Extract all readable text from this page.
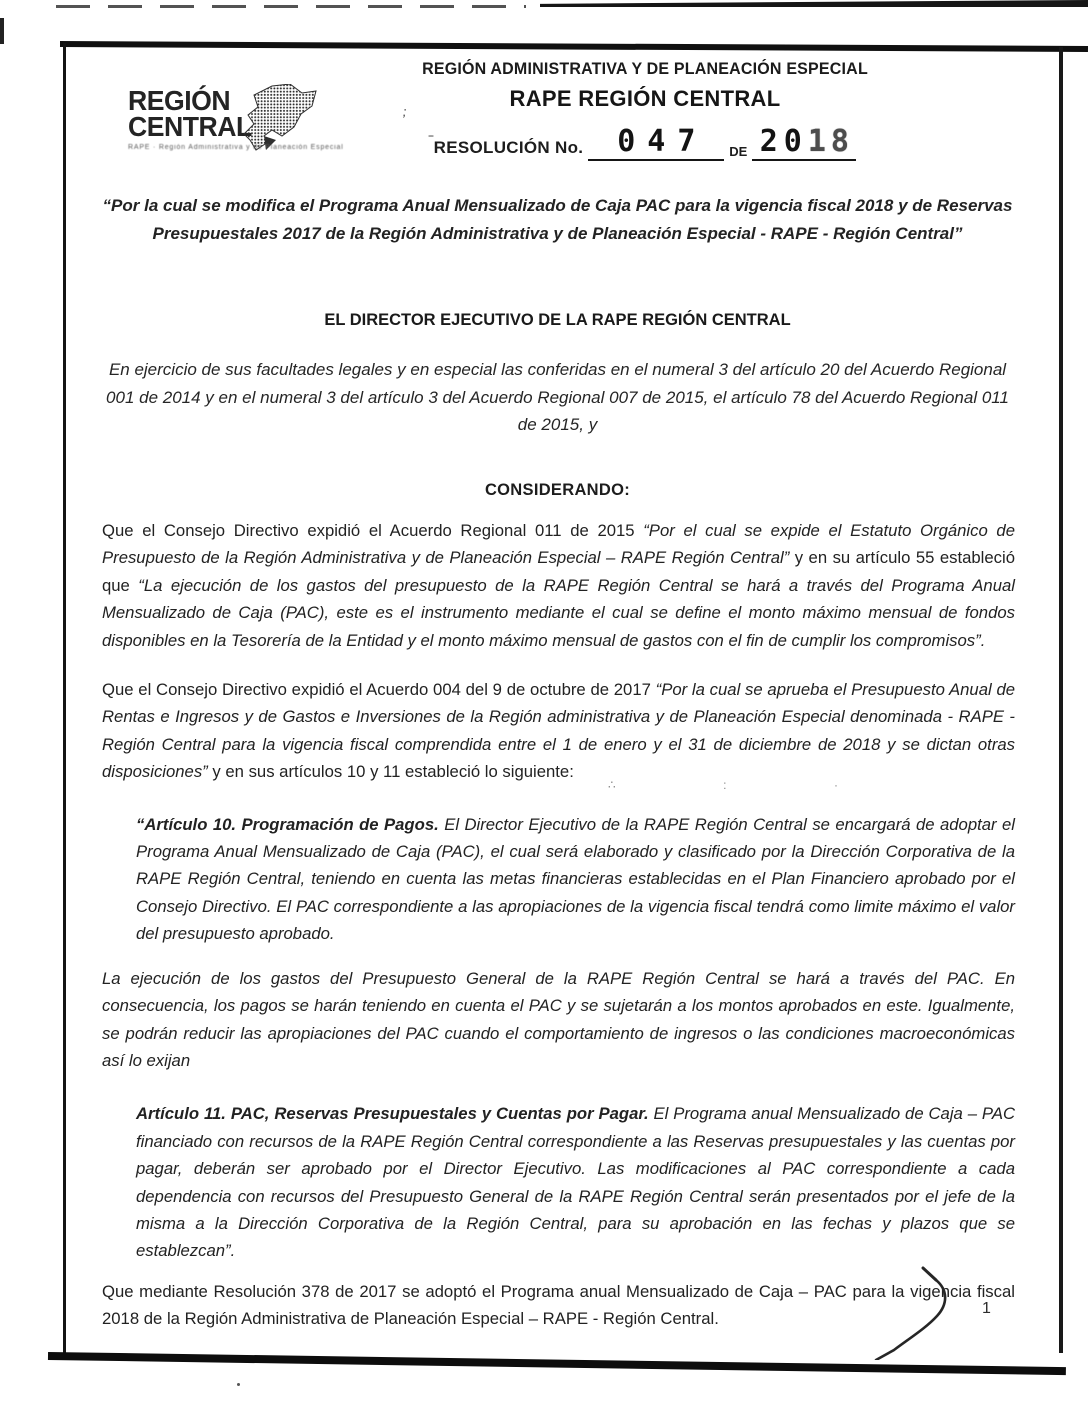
REGIÓN
CENTRAL
RAPE · Región Administrativa y de Planeación Especial
REGIÓN ADMINISTRATIVA Y DE PLANEACIÓN ESPECIAL
RAPE REGIÓN CENTRAL
RESOLUCIÓN No.	047	DE 2018
;
--
“Por la cual se modifica el Programa Anual Mensualizado de Caja PAC para la vigencia fiscal 2018 y de Reservas Presupuestales 2017 de la Región Administrativa y de Planeación Especial - RAPE - Región Central”
EL DIRECTOR EJECUTIVO DE LA RAPE REGIÓN CENTRAL
En ejercicio de sus facultades legales y en especial las conferidas en el numeral 3 del artículo 20 del Acuerdo Regional 001 de 2014 y en el numeral 3 del artículo 3 del Acuerdo Regional 007 de 2015, el artículo 78 del Acuerdo Regional 011 de 2015, y
CONSIDERANDO:

Que el Consejo Directivo expidió el Acuerdo Regional 011 de 2015 “Por el cual se expide el Estatuto Orgánico de Presupuesto de la Región Administrativa y de Planeación Especial – RAPE Región Central” y en su artículo 55 estableció que “La ejecución de los gastos del presupuesto de la RAPE Región Central se hará a través del Programa Anual Mensualizado de Caja (PAC), este es el instrumento mediante el cual se define el monto máximo mensual de fondos disponibles en la Tesorería de la Entidad y el monto máximo mensual de gastos con el fin de cumplir los compromisos”.

Que el Consejo Directivo expidió el Acuerdo 004 del 9 de octubre de 2017 “Por la cual se aprueba el Presupuesto Anual de Rentas e Ingresos y de Gastos e Inversiones de la Región administrativa y de Planeación Especial denominada - RAPE - Región Central para la vigencia fiscal comprendida entre el 1 de enero y el 31 de diciembre de 2018 y se dictan otras disposiciones” y en sus artículos 10 y 11 estableció lo siguiente:

“Artículo 10. Programación de Pagos. El Director Ejecutivo de la RAPE Región Central se encargará de adoptar el Programa Anual Mensualizado de Caja (PAC), el cual será elaborado y clasificado por la Dirección Corporativa de la RAPE Región Central, teniendo en cuenta las metas financieras establecidas en el Plan Financiero aprobado por el Consejo Directivo. El PAC correspondiente a las apropiaciones de la vigencia fiscal tendrá como limite máximo el valor del presupuesto aprobado.

La ejecución de los gastos del Presupuesto General de la RAPE Región Central se hará a través del PAC. En consecuencia, los pagos se harán teniendo en cuenta el PAC y se sujetarán a los montos aprobados en este. Igualmente, se podrán reducir las apropiaciones del PAC cuando el comportamiento de ingresos o las condiciones macroeconómicas así lo exijan

Artículo 11. PAC, Reservas Presupuestales y Cuentas por Pagar. El Programa anual Mensualizado de Caja – PAC financiado con recursos de la RAPE Región Central correspondiente a las Reservas presupuestales y las cuentas por pagar, deberán ser aprobado por el Director Ejecutivo. Las modificaciones al PAC correspondiente a cada dependencia con recursos del Presupuesto General de la RAPE Región Central serán presentados por el jefe de la misma a la Dirección Corporativa de la Región Central, para su aprobación en las fechas y plazos que se establezcan”.

Que mediante Resolución 378 de 2017 se adoptó el Programa anual Mensualizado de Caja – PAC para la vigencia fiscal 2018 de la Región Administrativa de Planeación Especial – RAPE - Región Central.

∴	:	·
1
